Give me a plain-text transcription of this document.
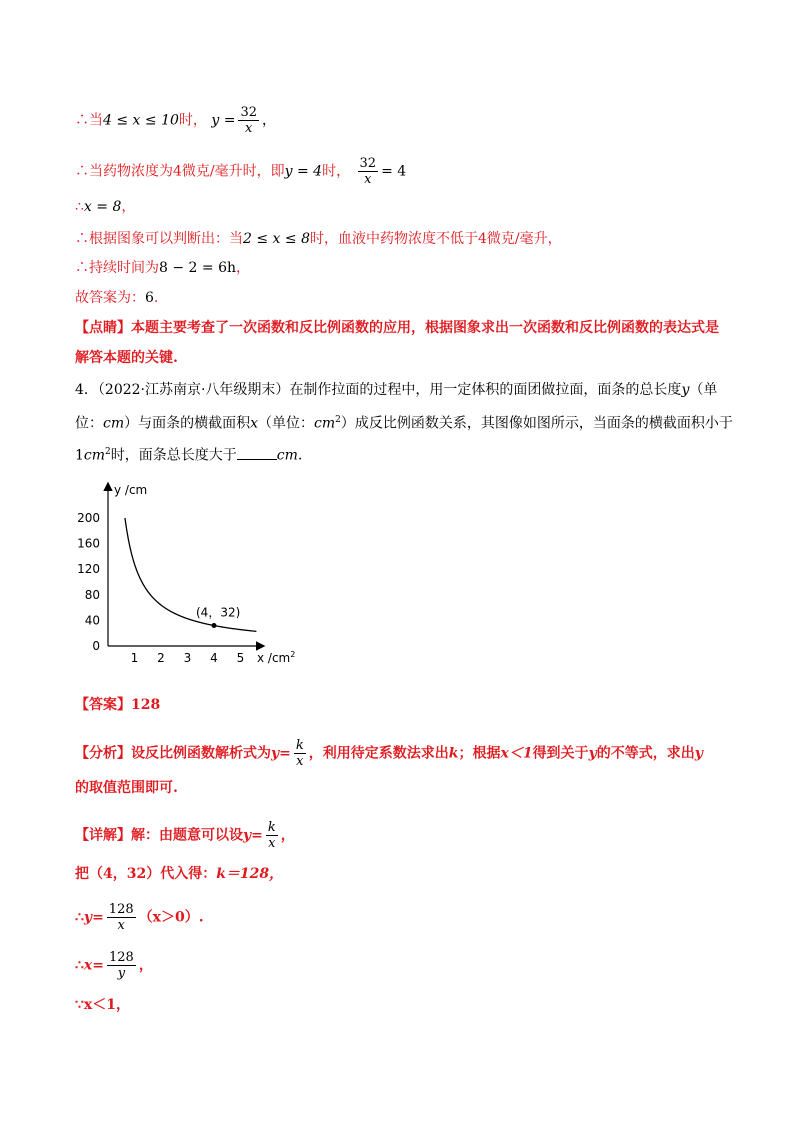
∴当4 ≤ x ≤ 10时， $y = \frac{32}{x}$ ，
∴当药物浓度为4微克/毫升时，即y = 4时， $\frac{32}{x} = 4$
∴x = 8，
∴根据图象可以判断出：当2 ≤ x ≤ 8时，血液中药物浓度不低于4微克/毫升，
∴持续时间为8 − 2 = 6h，
故答案为：6.
【点睛】本题主要考查了一次函数和反比例函数的应用，根据图象求出一次函数和反比例函数的表达式是
解答本题的关键.
4．（2022·江苏南京·八年级期末）在制作拉面的过程中，用一定体积的面团做拉面，面条的总长度y（单
位：cm）与面条的横截面积x（单位：$cm^2$）成反比例函数关系，其图像如图所示，当面条的横截面积小于
$1cm^2$时，面条总长度大于	cm.
y /cm
x $/cm^2$
200
160
120
80
40
0
1 2 3 4 5
(4，32)
【答案】128
【分析】设反比例函数解析式为$y= \frac{k}{x}$ ，利用待定系数法求出k；根据x＜1得到关于y的不等式，求出y
的取值范围即可.
【详解】解：由题意可以设$y= \frac{k}{x}$ ，
把（4，32）代入得：k＝128，
∴y= $\frac{128}{x} (x>0)$.
∴x= $\frac{128}{y}$ ，
∵x＜1，
